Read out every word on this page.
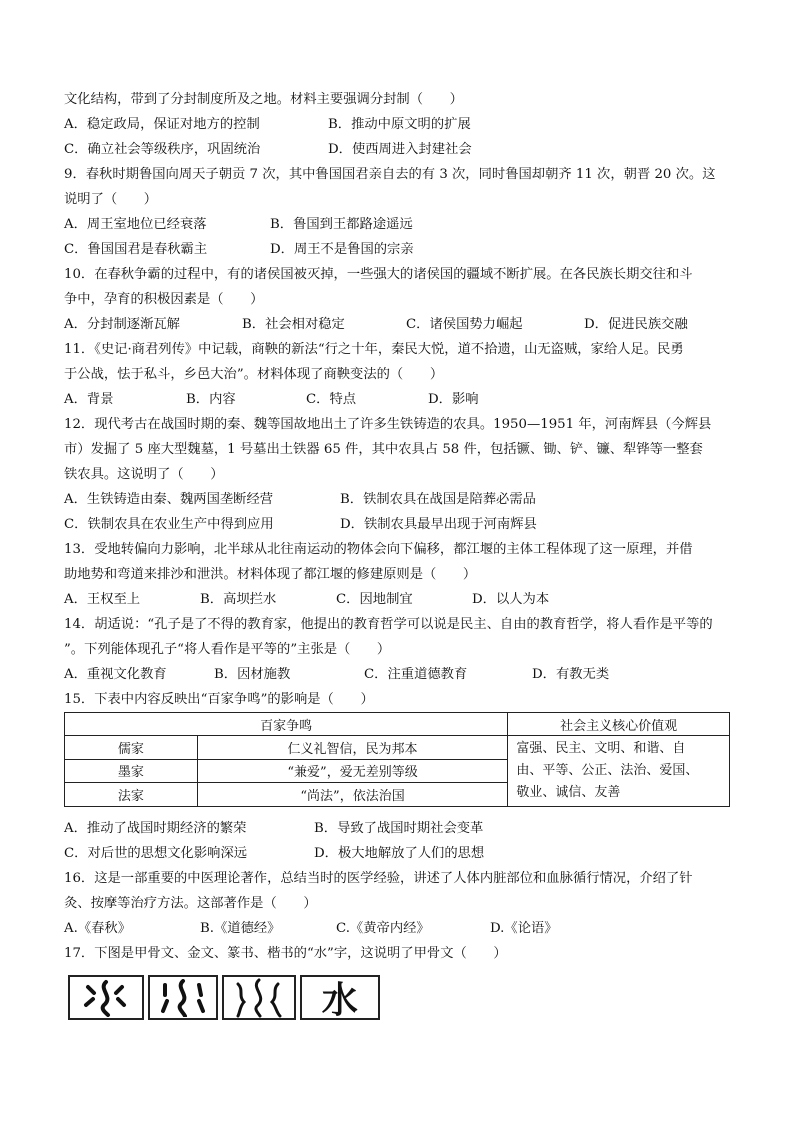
文化结构，带到了分封制度所及之地。材料主要强调分封制（　　）
A．稳定政局，保证对地方的控制	B．推动中原文明的扩展
C．确立社会等级秩序，巩固统治	D．使西周进入封建社会
9．春秋时期鲁国向周天子朝贡 7 次，其中鲁国国君亲自去的有 3 次，同时鲁国却朝齐 11 次，朝晋 20 次。这
说明了（　　）
A．周王室地位已经衰落	B．鲁国到王都路途遥远
C．鲁国国君是春秋霸主	D．周王不是鲁国的宗亲
10．在春秋争霸的过程中，有的诸侯国被灭掉，一些强大的诸侯国的疆域不断扩展。在各民族长期交往和斗
争中，孕育的积极因素是（　　）
A．分封制逐渐瓦解	B．社会相对稳定	C．诸侯国势力崛起	D．促进民族交融
11．《史记·商君列传》中记载，商鞅的新法“行之十年，秦民大悦，道不拾遗，山无盗贼，家给人足。民勇
于公战，怯于私斗，乡邑大治”。材料体现了商鞅变法的（　　）
A．背景	B．内容	C．特点	D．影响
12．现代考古在战国时期的秦、魏等国故地出土了许多生铁铸造的农具。1950—1951 年，河南辉县（今辉县
市）发掘了 5 座大型魏墓，1 号墓出土铁器 65 件，其中农具占 58 件，包括镢、锄、铲、镰、犁铧等一整套
铁农具。这说明了（　　）
A．生铁铸造由秦、魏两国垄断经营	B．铁制农具在战国是陪葬必需品
C．铁制农具在农业生产中得到应用	D．铁制农具最早出现于河南辉县
13．受地转偏向力影响，北半球从北往南运动的物体会向下偏移，都江堰的主体工程体现了这一原理，并借
助地势和弯道来排沙和泄洪。材料体现了都江堰的修建原则是（　　）
A．王权至上	B．高坝拦水	C．因地制宜	D．以人为本
14．胡适说：“孔子是了不得的教育家，他提出的教育哲学可以说是民主、自由的教育哲学，将人看作是平等的
”。下列能体现孔子“将人看作是平等的”主张是（　　）
A．重视文化教育	B．因材施教	C．注重道德教育	D．有教无类
15．下表中内容反映出“百家争鸣”的影响是（　　）
百家争鸣		社会主义核心价值观
儒家	仁义礼智信，民为邦本	富强、民主、文明、和谐、自
由、平等、公正、法治、爱国、
敬业、诚信、友善

墨家	“兼爱”，爱无差别等级	
法家	“尚法”，依法治国	
A．推动了战国时期经济的繁荣	B．导致了战国时期社会变革
C．对后世的思想文化影响深远	D．极大地解放了人们的思想
16．这是一部重要的中医理论著作，总结当时的医学经验，讲述了人体内脏部位和血脉循行情况，介绍了针
灸、按摩等治疗方法。这部著作是（　　）
A.《春秋》	B.《道德经》	C.《黄帝内经》	D.《论语》
17．下图是甲骨文、金文、篆书、楷书的“水”字，这说明了甲骨文（　　）
水
